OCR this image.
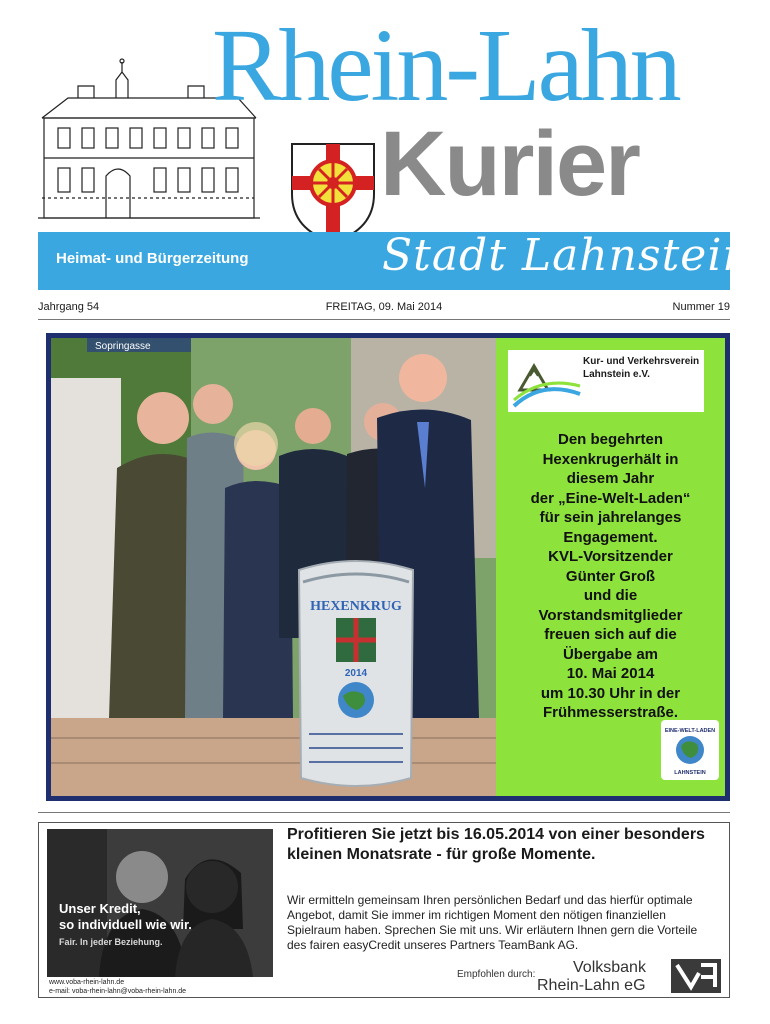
Rhein-Lahn
Kurier
Heimat- und Bürgerzeitung	Stadt Lahnstein
Jahrgang 54	FREITAG, 09. Mai 2014	Nummer 19
Sopringasse
HEXENKRUG
2014
Kur- und Verkehrsverein Lahnstein e.V.
Den begehrten
Hexenkrugerhält in
diesem Jahr
der „Eine-Welt-Laden“
für sein jahrelanges
Engagement.
KVL-Vorsitzender
Günter Groß
und die
Vorstandsmitglieder
freuen sich auf die
Übergabe am
10. Mai 2014
um 10.30 Uhr in der
Frühmesserstraße.
EINE-WELT-LADEN
LAHNSTEIN
Unser Kredit,
so individuell wie wir.
Fair. In jeder Beziehung.
www.voba-rhein-lahn.de
e-mail: voba-rhein-lahn@voba-rhein-lahn.de
Profitieren Sie jetzt bis 16.05.2014 von einer besonders kleinen Monatsrate - für große Momente.
Wir ermitteln gemeinsam Ihren persönlichen Bedarf und das hierfür optimale Angebot, damit Sie immer im richtigen Moment den nötigen finanziellen Spielraum haben. Sprechen Sie mit uns. Wir erläutern Ihnen gern die Vorteile des fairen easyCredit unseres Partners TeamBank AG.
Empfohlen durch: Volksbank
Rhein-Lahn eG
